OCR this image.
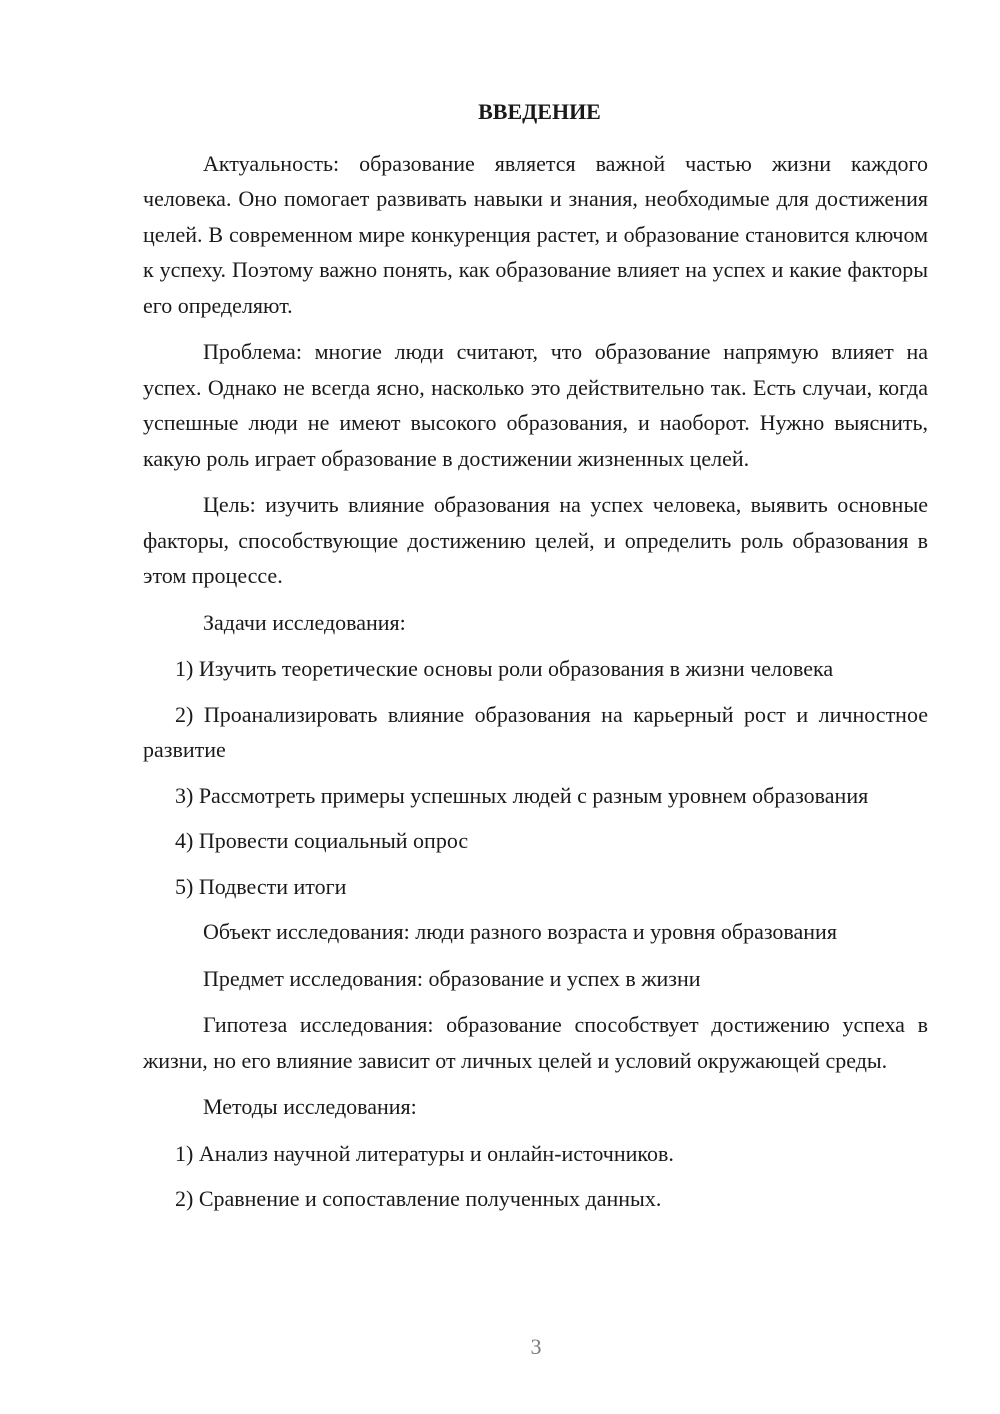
ВВЕДЕНИЕ

Актуальность: образование является важной частью жизни каждого человека. Оно помогает развивать навыки и знания, необходимые для достижения целей. В современном мире конкуренция растет, и образование становится ключом к успеху. Поэтому важно понять, как образование влияет на успех и какие факторы его определяют.

Проблема: многие люди считают, что образование напрямую влияет на успех. Однако не всегда ясно, насколько это действительно так. Есть случаи, когда успешные люди не имеют высокого образования, и наоборот. Нужно выяснить, какую роль играет образование в достижении жизненных целей.

Цель: изучить влияние образования на успех человека, выявить основные факторы, способствующие достижению целей, и определить роль образования в этом процессе.

Задачи исследования:

1) Изучить теоретические основы роли образования в жизни человека

2) Проанализировать влияние образования на карьерный рост и личностное развитие

3) Рассмотреть примеры успешных людей с разным уровнем образования

4) Провести социальный опрос

5) Подвести итоги

Объект исследования: люди разного возраста и уровня образования

Предмет исследования: образование и успех в жизни

Гипотеза исследования: образование способствует достижению успеха в жизни, но его влияние зависит от личных целей и условий окружающей среды.

Методы исследования:

1) Анализ научной литературы и онлайн-источников.

2) Сравнение и сопоставление полученных данных.

3
